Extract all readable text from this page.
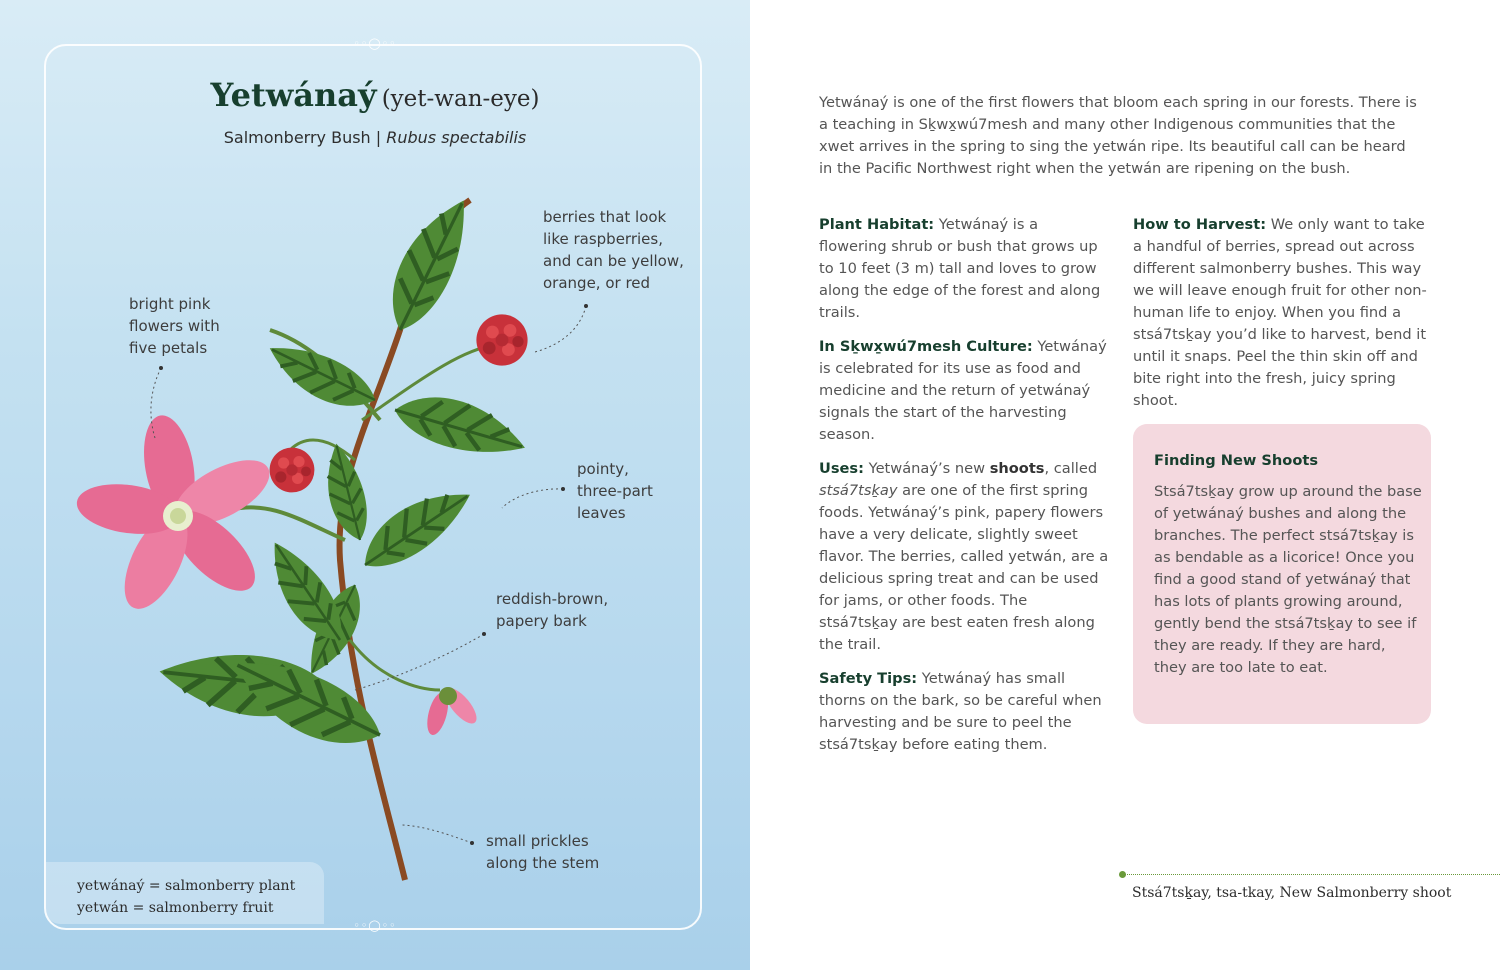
◦◦◯◦◦
◦◦◯◦◦
Yetwánaý (yet-wan-eye)
Salmonberry Bush | Rubus spectabilis
berries that look
like raspberries,
and can be yellow,
orange, or red
bright pink
flowers with
five petals
pointy,
three-part
leaves
reddish-brown,
papery bark
small prickles
along the stem
yetwánaý = salmonberry plant
yetwán = salmonberry fruit

Yetwánaý is one of the first flowers that bloom each spring in our forests. There is a teaching in Sḵwx̱wú7mesh and many other Indigenous communities that the xwet arrives in the spring to sing the yetwán ripe. Its beautiful call can be heard in the Pacific Northwest right when the yetwán are ripening on the bush.

Plant Habitat: Yetwánaý is a flowering shrub or bush that grows up to 10 feet (3 m) tall and loves to grow along the edge of the forest and along trails.

In Sḵwx̱wú7mesh Culture: Yetwánaý is celebrated for its use as food and medicine and the return of yetwánaý signals the start of the harvesting season.

Uses: Yetwánaý’s new shoots, called stsá7tsḵay are one of the first spring foods. Yetwánaý’s pink, papery flowers have a very delicate, slightly sweet flavor. The berries, called yetwán, are a delicious spring treat and can be used for jams, or other foods. The stsá7tsḵay are best eaten fresh along the trail.

Safety Tips: Yetwánaý has small thorns on the bark, so be careful when harvesting and be sure to peel the stsá7tsḵay before eating them.

How to Harvest: We only want to take a handful of berries, spread out across different salmonberry bushes. This way we will leave enough fruit for other non-human life to enjoy. When you find a stsá7tsḵay you’d like to harvest, bend it until it snaps. Peel the thin skin off and bite right into the fresh, juicy spring shoot.

Finding New Shoots
Stsá7tsḵay grow up around the base of yetwánaý bushes and along the branches. The perfect stsá7tsḵay is as bendable as a licorice! Once you find a good stand of yetwánaý that has lots of plants growing around, gently bend the stsá7tsḵay to see if they are ready. If they are hard, they are too late to eat.
Stsá7tsḵay, tsa-tkay, New Salmonberry shoot
